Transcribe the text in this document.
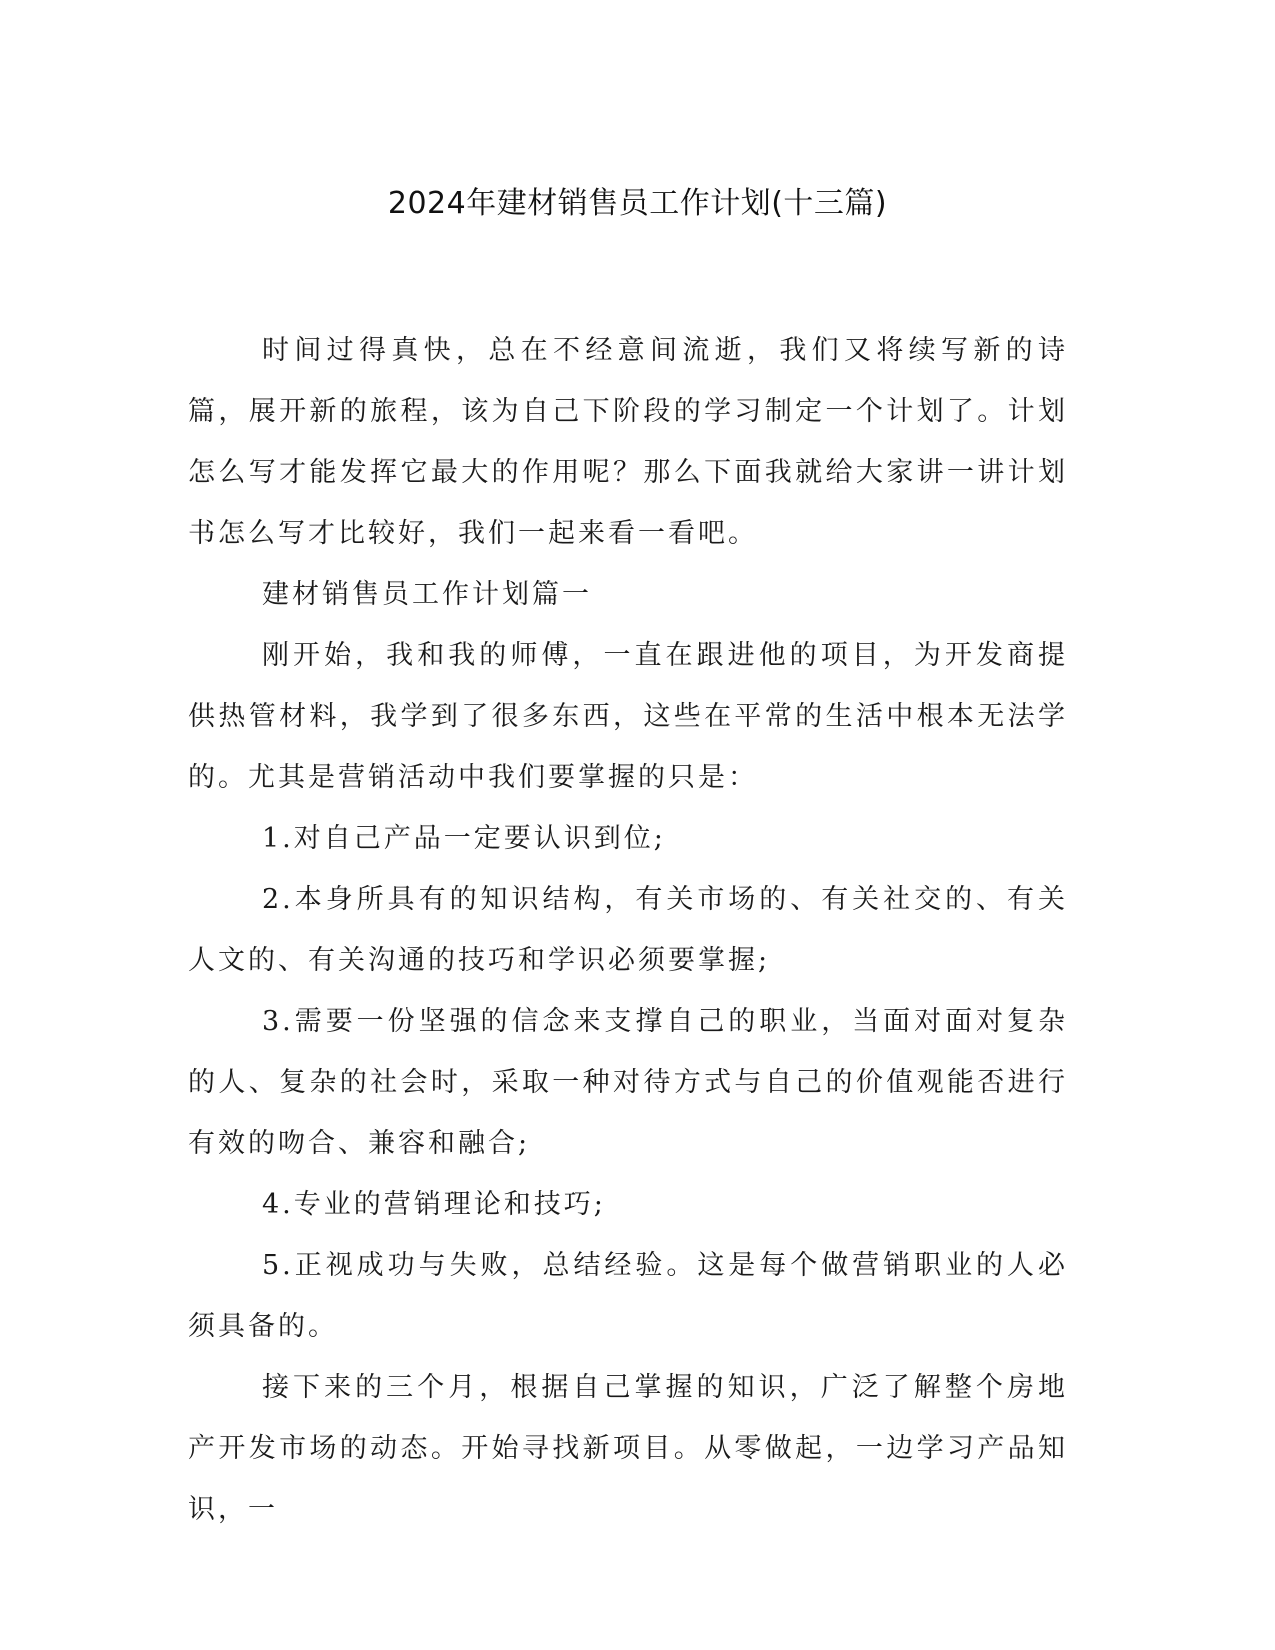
2024年建材销售员工作计划(十三篇)

时间过得真快，总在不经意间流逝，我们又将续写新的诗篇，展开新的旅程，该为自己下阶段的学习制定一个计划了。计划怎么写才能发挥它最大的作用呢？那么下面我就给大家讲一讲计划书怎么写才比较好，我们一起来看一看吧。

建材销售员工作计划篇一

刚开始，我和我的师傅，一直在跟进他的项目，为开发商提供热管材料，我学到了很多东西，这些在平常的生活中根本无法学的。尤其是营销活动中我们要掌握的只是：

1.对自己产品一定要认识到位;

2.本身所具有的知识结构，有关市场的、有关社交的、有关人文的、有关沟通的技巧和学识必须要掌握;

3.需要一份坚强的信念来支撑自己的职业，当面对面对复杂的人、复杂的社会时，采取一种对待方式与自己的价值观能否进行有效的吻合、兼容和融合;

4.专业的营销理论和技巧;

5.正视成功与失败，总结经验。这是每个做营销职业的人必须具备的。

接下来的三个月，根据自己掌握的知识，广泛了解整个房地产开发市场的动态。开始寻找新项目。从零做起，一边学习产品知识，一
